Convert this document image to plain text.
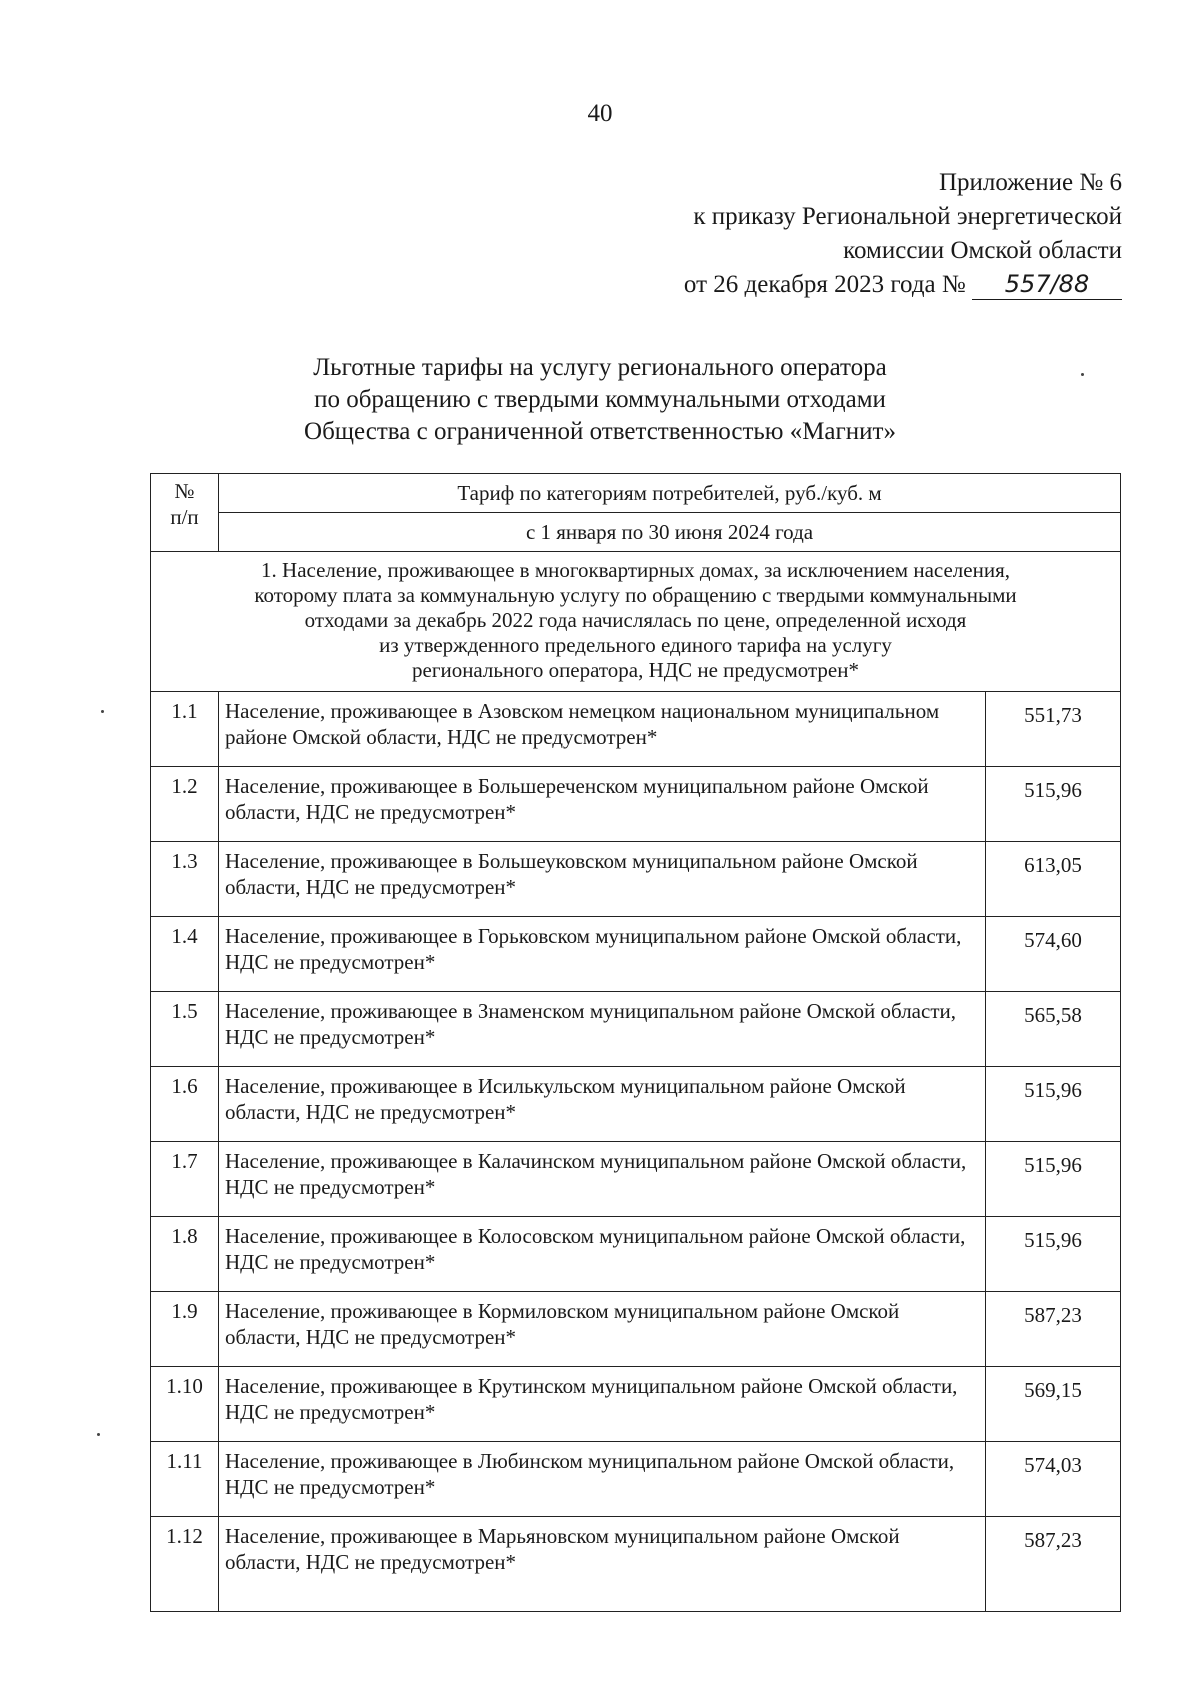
40
Приложение № 6
к приказу Региональной энергетической
комиссии Омской области
от 26 декабря 2023 года № 557/88
Льготные тарифы на услугу регионального оператора
по обращению с твердыми коммунальными отходами
Общества с ограниченной ответственностью «Магнит»
№
п/п	Тариф по категориям потребителей, руб./куб. м	
	с 1 января по 30 июня 2024 года	

1. Население, проживающее в многоквартирных домах, за исключением населения,
которому плата за коммунальную услугу по обращению с твердыми коммунальными
отходами за декабрь 2022 года начислялась по цене, определенной исходя
из утвержденного предельного единого тарифа на услугу
регионального оператора, НДС не предусмотрен*		

1.1	Население, проживающее в Азовском немецком национальном муниципальном районе Омской области, НДС не предусмотрен*	551,73
1.2	Население, проживающее в Большереченском муниципальном районе Омской области, НДС не предусмотрен*	515,96
1.3	Население, проживающее в Большеуковском муниципальном районе Омской области, НДС не предусмотрен*	613,05
1.4	Население, проживающее в Горьковском муниципальном районе Омской области, НДС не предусмотрен*	574,60
1.5	Население, проживающее в Знаменском муниципальном районе Омской области, НДС не предусмотрен*	565,58
1.6	Население, проживающее в Исилькульском муниципальном районе Омской области, НДС не предусмотрен*	515,96
1.7	Население, проживающее в Калачинском муниципальном районе Омской области, НДС не предусмотрен*	515,96
1.8	Население, проживающее в Колосовском муниципальном районе Омской области, НДС не предусмотрен*	515,96
1.9	Население, проживающее в Кормиловском муниципальном районе Омской области, НДС не предусмотрен*	587,23
1.10	Население, проживающее в Крутинском муниципальном районе Омской области, НДС не предусмотрен*	569,15
1.11	Население, проживающее в Любинском муниципальном районе Омской области, НДС не предусмотрен*	574,03
1.12	Население, проживающее в Марьяновском муниципальном районе Омской области, НДС не предусмотрен*	587,23
